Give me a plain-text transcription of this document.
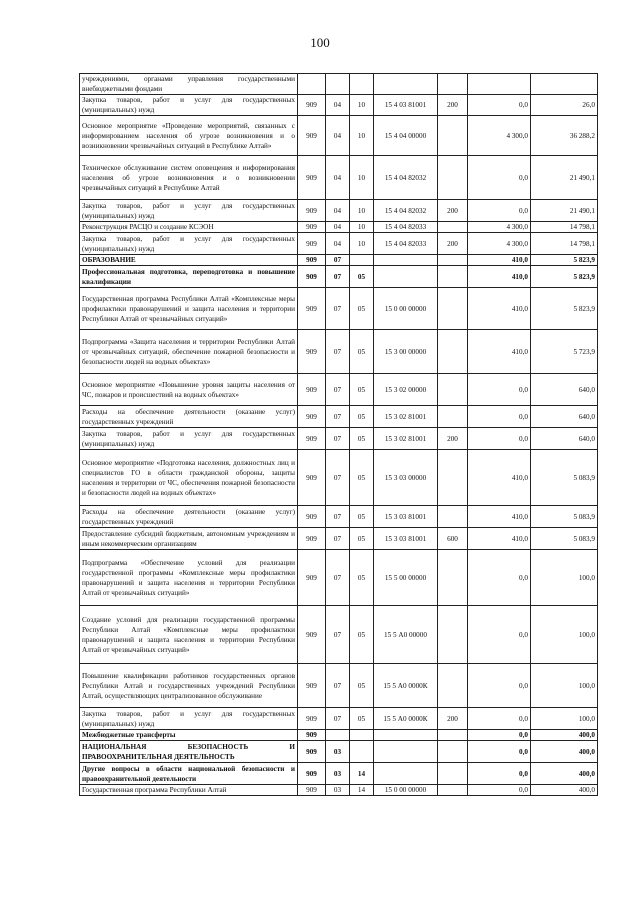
100
учреждениями, органами управления государственными внебюджетными фондами							
Закупка товаров, работ и услуг для государственных (муниципальных) нужд	909	04	10	15 4 03 81001	200	0,0	26,0
Основное мероприятие «Проведение мероприятий, связанных с информированием населения об угрозе возникновения и о возникновении чрезвычайных ситуаций в Республике Алтай»	909	04	10	15 4 04 00000		4 300,0	36 288,2
Техническое обслуживание систем оповещения и информирования населения об угрозе возникновения и о возникновении чрезвычайных ситуаций в Республике Алтай	909	04	10	15 4 04 82032		0,0	21 490,1
Закупка товаров, работ и услуг для государственных (муниципальных) нужд	909	04	10	15 4 04 82032	200	0,0	21 490,1
Реконструкция РАСЦО и создание КСЭОН	909	04	10	15 4 04 82033		4 300,0	14 798,1
Закупка товаров, работ и услуг для государственных (муниципальных) нужд	909	04	10	15 4 04 82033	200	4 300,0	14 798,1
ОБРАЗОВАНИЕ	909	07				410,0	5 823,9
Профессиональная подготовка, переподготовка и повышение квалификации	909	07	05			410,0	5 823,9
Государственная программа Республики Алтай «Комплексные меры профилактики правонарушений и защита населения и территории Республики Алтай от чрезвычайных ситуаций»	909	07	05	15 0 00 00000		410,0	5 823,9
Подпрограмма «Защита населения и территории Республики Алтай от чрезвычайных ситуаций, обеспечение пожарной безопасности и безопасности людей на водных объектах»	909	07	05	15 3 00 00000		410,0	5 723,9
Основное мероприятие «Повышение уровня защиты населения от ЧС, пожаров и происшествий на водных объектах»	909	07	05	15 3 02 00000		0,0	640,0
Расходы на обеспечение деятельности (оказание услуг) государственных учреждений	909	07	05	15 3 02 81001		0,0	640,0
Закупка товаров, работ и услуг для государственных (муниципальных) нужд	909	07	05	15 3 02 81001	200	0,0	640,0
Основное мероприятие «Подготовка населения, должностных лиц и специалистов ГО в области гражданской обороны, защиты населения и территории от ЧС, обеспечения пожарной безопасности и безопасности людей на водных объектах»	909	07	05	15 3 03 00000		410,0	5 083,9
Расходы на обеспечение деятельности (оказание услуг) государственных учреждений	909	07	05	15 3 03 81001		410,0	5 083,9
Предоставление субсидий бюджетным, автономным учреждениям и иным некоммерческим организациям	909	07	05	15 3 03 81001	600	410,0	5 083,9
Подпрограмма «Обеспечение условий для реализации государственной программы «Комплексные меры профилактики правонарушений и защита населения и территории Республики Алтай от чрезвычайных ситуаций»	909	07	05	15 5 00 00000		0,0	100,0
Создание условий для реализации государственной программы Республики Алтай «Комплексные меры профилактики правонарушений и защита населения и территории Республики Алтай от чрезвычайных ситуаций»	909	07	05	15 5 А0 00000		0,0	100,0
Повышение квалификации работников государственных органов Республики Алтай и государственных учреждений Республики Алтай, осуществляющих централизованное обслуживание	909	07	05	15 5 А0 0000К		0,0	100,0
Закупка товаров, работ и услуг для государственных (муниципальных) нужд	909	07	05	15 5 А0 0000К	200	0,0	100,0
Межбюджетные трансферты	909					0,0	400,0
НАЦИОНАЛЬНАЯ БЕЗОПАСНОСТЬ И ПРАВООХРАНИТЕЛЬНАЯ ДЕЯТЕЛЬНОСТЬ	909	03				0,0	400,0
Другие вопросы в области национальной безопасности и правоохранительной деятельности	909	03	14			0,0	400,0
Государственная программа Республики Алтай	909	03	14	15 0 00 00000		0,0	400,0
